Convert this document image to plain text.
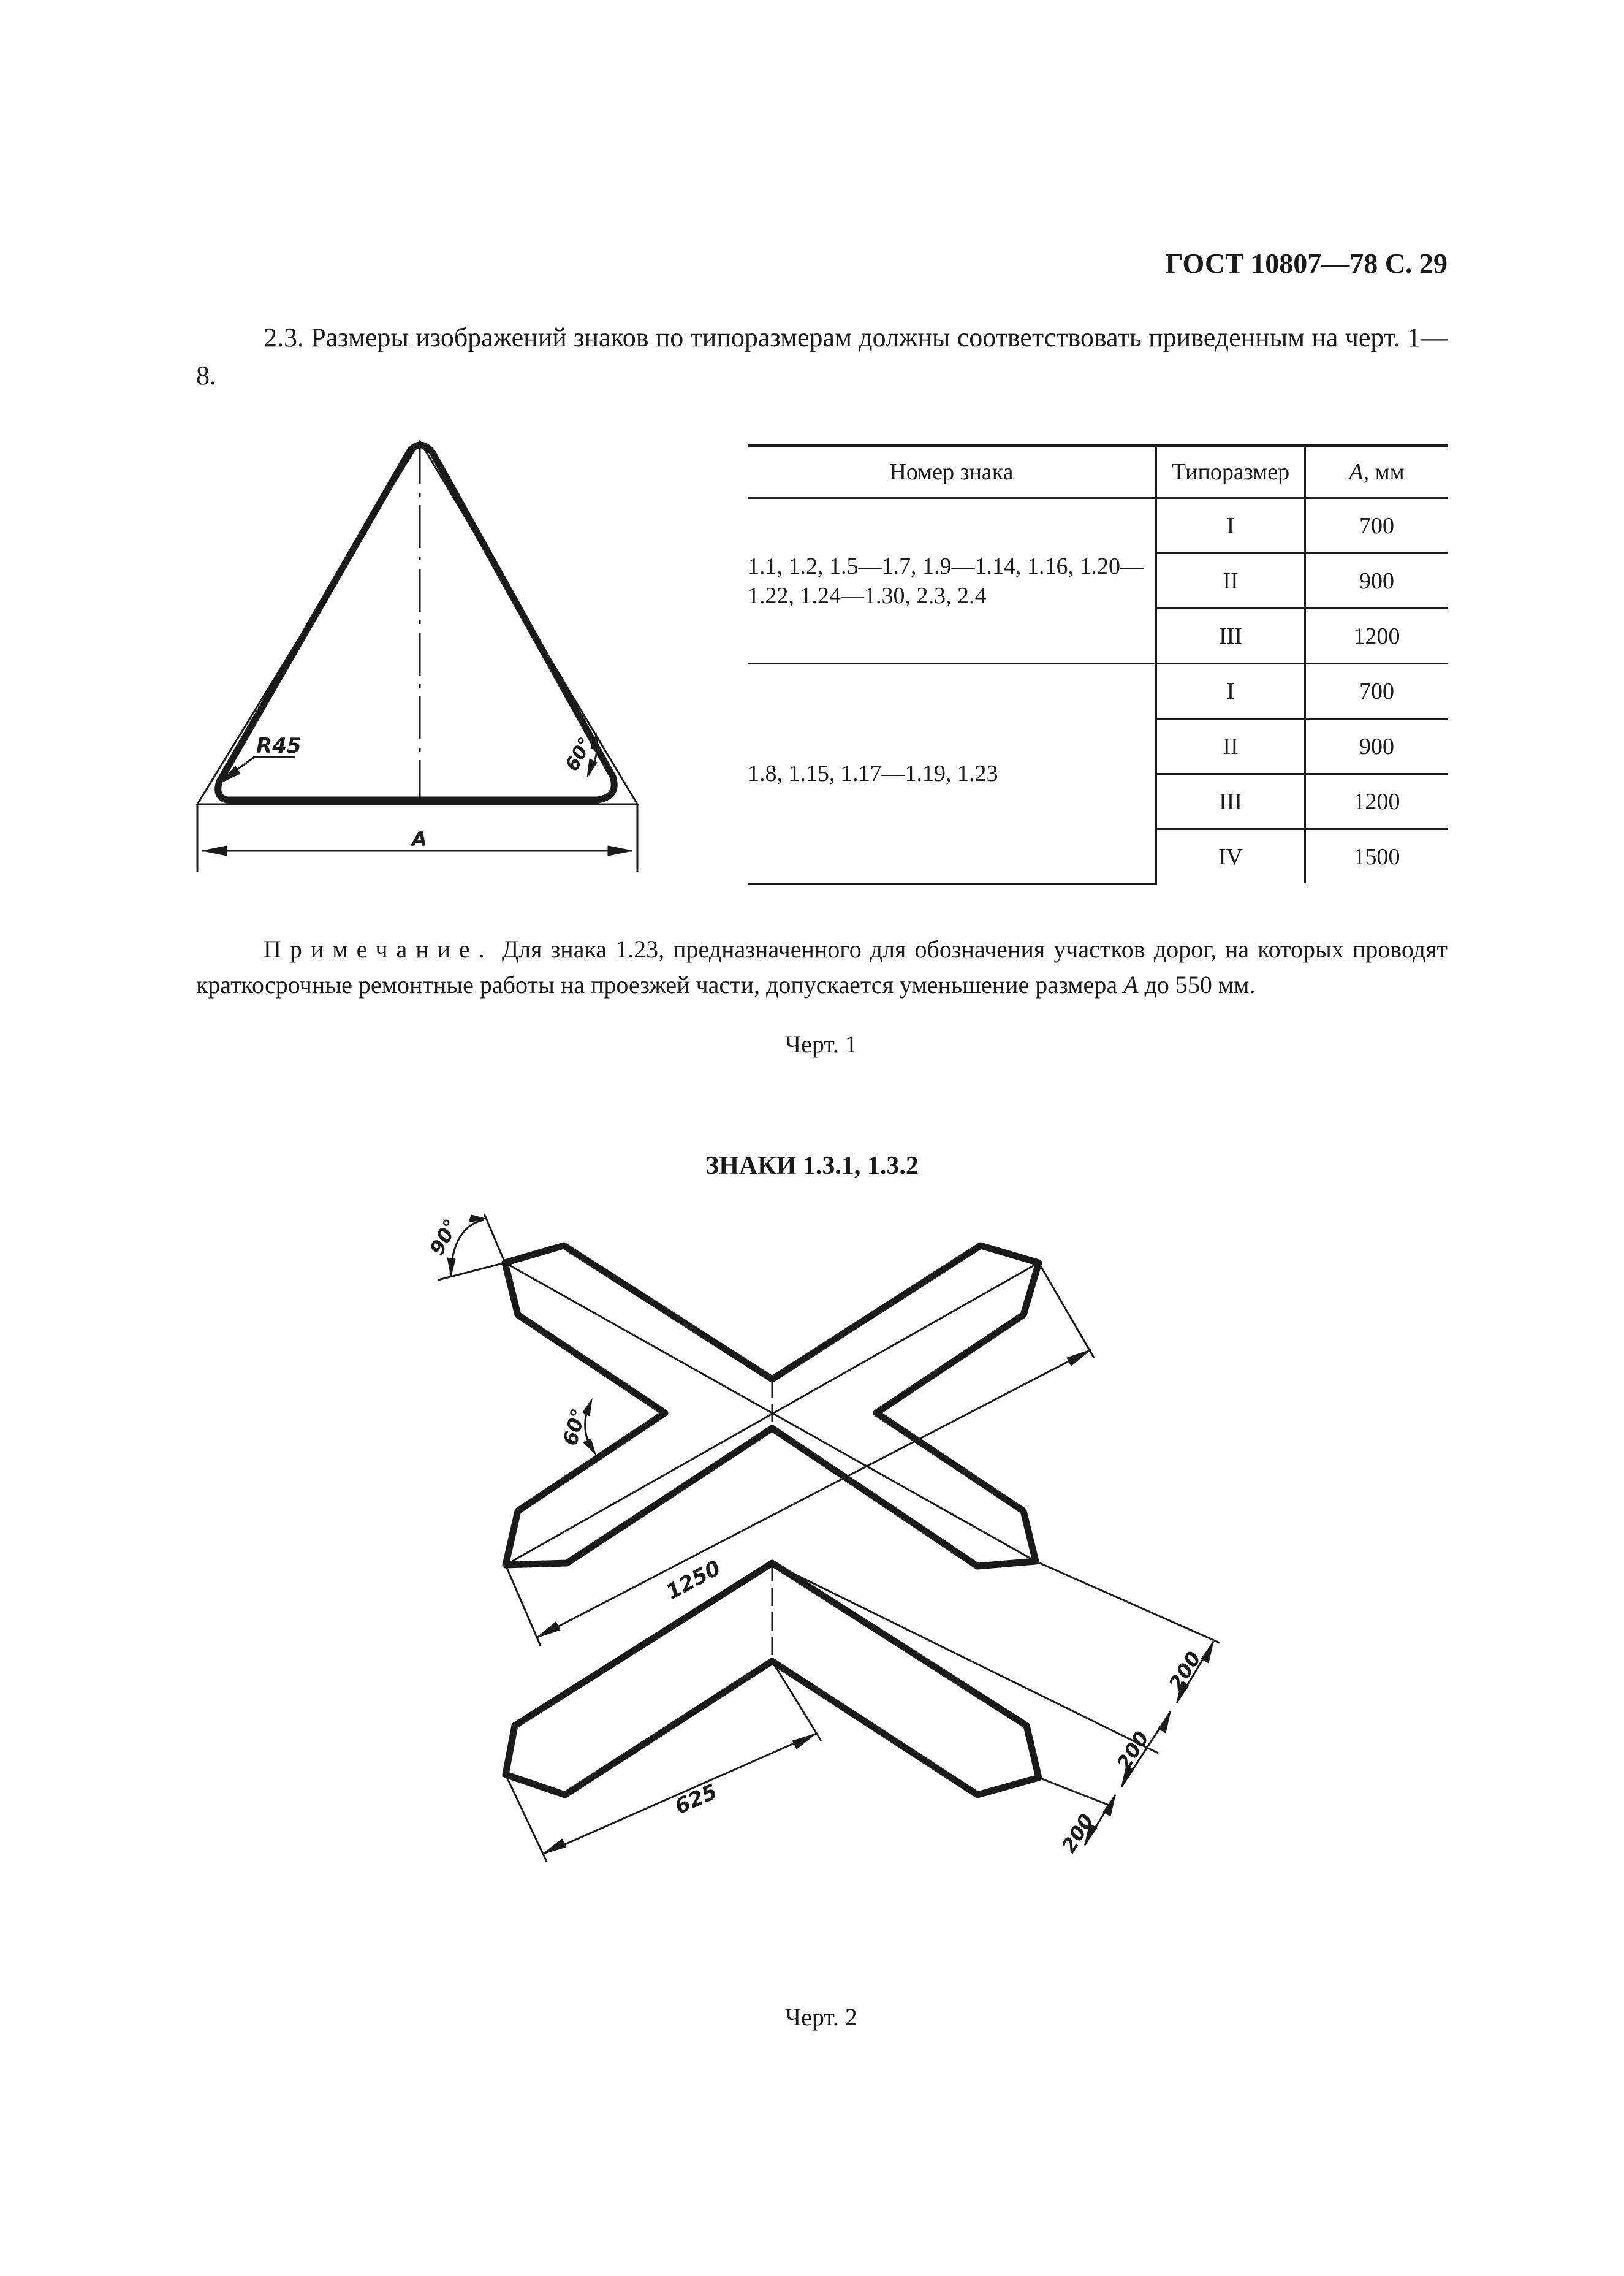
ГОСТ 10807—78 С. 29
2.3. Размеры изображений знаков по типоразмерам должны соответствовать приведенным на черт. 1—8.
R45	60°
A
Номер знака	Типоразмер	A, мм
1.1, 1.2, 1.5—1.7, 1.9—1.14, 1.16, 1.20—1.22, 1.24—1.30, 2.3, 2.4	I	700
	II	900
	III	1200
1.8, 1.15, 1.17—1.19, 1.23	I	700
	II	900
	III	1200
	IV	1500
Примечание. Для знака 1.23, предназначенного для обозначения участков дорог, на которых проводят краткосрочные ремонтные работы на проезжей части, допускается уменьшение размера A до 550 мм.
Черт. 1
ЗНАКИ 1.3.1, 1.3.2
90°
60°
1250
625
200
200
200
Черт. 2
